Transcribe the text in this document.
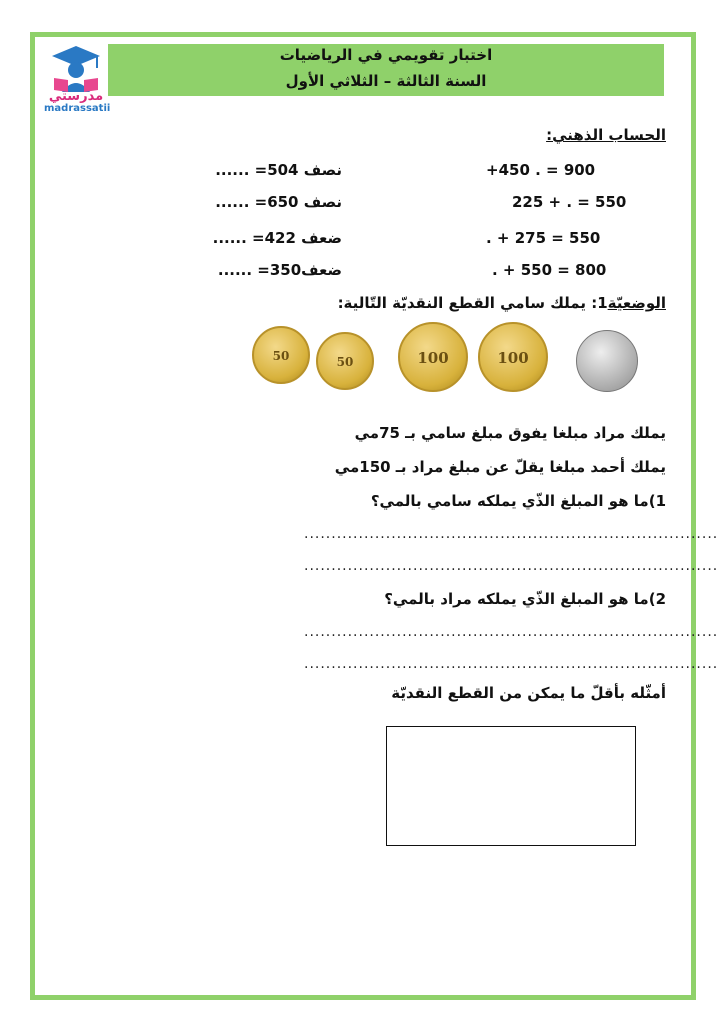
اختبار تقويمي في الرياضيات
السنة الثالثة – الثلاثي الأول
مدرستي
madrassatii
الحساب الذهني:
+450 . = 900
225 + . = 550
. + 275 = 550
. + 550 = 800
نصف 504= ......
نصف 650= ......
ضعف 422= ......
ضعف350= ......
الوضعيّة1: يملك سامي القطع النقديّة التّالية:
100
100
50
50
يملك مراد مبلغا يفوق مبلغ سامي بـ 75مي
يملك أحمد مبلغا يقلّ عن مبلغ مراد بـ 150مي
1)ما هو المبلغ الذّي يملكه سامي بالمي؟
............................................................................
............................................................................
2)ما هو المبلغ الذّي يملكه مراد بالمي؟
............................................................................
............................................................................
أمثّله بأقلّ ما يمكن من القطع النقديّة
